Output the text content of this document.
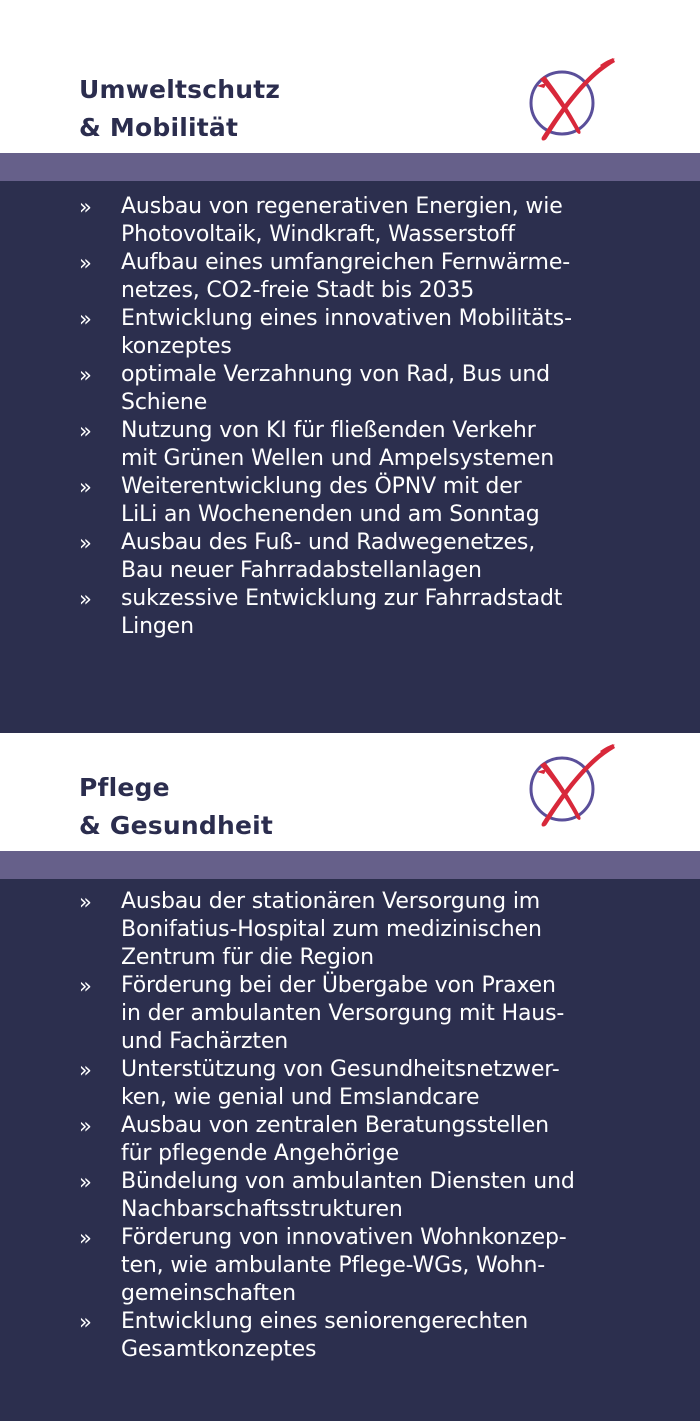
Umweltschutz
& Mobilität
» Ausbau von regenerativen Energien, wie
Photovoltaik, Windkraft, Wasserstoff
» Aufbau eines umfangreichen Fernwärme-
netzes, CO2-freie Stadt bis 2035
» Entwicklung eines innovativen Mobilitäts-
konzeptes
» optimale Verzahnung von Rad, Bus und
Schiene
» Nutzung von KI für fließenden Verkehr
mit Grünen Wellen und Ampelsystemen
» Weiterentwicklung des ÖPNV mit der
LiLi an Wochenenden und am Sonntag
» Ausbau des Fuß- und Radwegenetzes,
Bau neuer Fahrradabstellanlagen
» sukzessive Entwicklung zur Fahrradstadt
Lingen
Pflege
& Gesundheit
» Ausbau der stationären Versorgung im
Bonifatius-Hospital zum medizinischen
Zentrum für die Region
» Förderung bei der Übergabe von Praxen
in der ambulanten Versorgung mit Haus-
und Fachärzten
» Unterstützung von Gesundheitsnetzwer-
ken, wie genial und Emslandcare
» Ausbau von zentralen Beratungsstellen
für pflegende Angehörige
» Bündelung von ambulanten Diensten und
Nachbarschaftsstrukturen
» Förderung von innovativen Wohnkonzep-
ten, wie ambulante Pflege-WGs, Wohn-
gemeinschaften
» Entwicklung eines seniorengerechten
Gesamtkonzeptes
